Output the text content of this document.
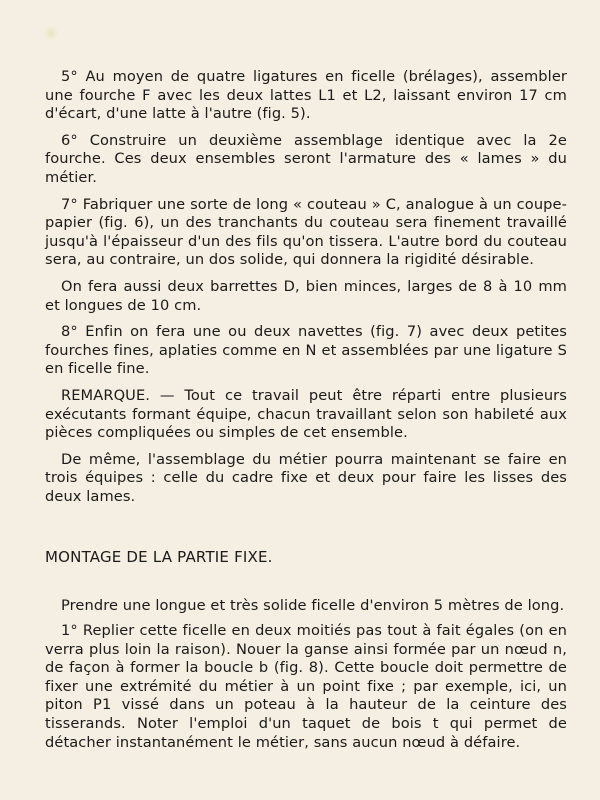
5° Au moyen de quatre ligatures en ficelle (brélages), assembler une fourche F avec les deux lattes L1 et L2, laissant environ 17 cm d'écart, d'une latte à l'autre (fig. 5).

6° Construire un deuxième assemblage identique avec la 2e fourche. Ces deux ensembles seront l'armature des « lames » du métier.

7° Fabriquer une sorte de long « couteau » C, analogue à un coupe-papier (fig. 6), un des tranchants du couteau sera finement travaillé jusqu'à l'épaisseur d'un des fils qu'on tissera. L'autre bord du couteau sera, au contraire, un dos solide, qui donnera la rigidité désirable.

On fera aussi deux barrettes D, bien minces, larges de 8 à 10 mm et longues de 10 cm.

8° Enfin on fera une ou deux navettes (fig. 7) avec deux petites fourches fines, aplaties comme en N et assemblées par une ligature S en ficelle fine.

REMARQUE. — Tout ce travail peut être réparti entre plusieurs exécutants formant équipe, chacun travaillant selon son habileté aux pièces compliquées ou simples de cet ensemble.

De même, l'assemblage du métier pourra maintenant se faire en trois équipes : celle du cadre fixe et deux pour faire les lisses des deux lames.

MONTAGE DE LA PARTIE FIXE.

Prendre une longue et très solide ficelle d'environ 5 mètres de long.

1° Replier cette ficelle en deux moitiés pas tout à fait égales (on en verra plus loin la raison). Nouer la ganse ainsi formée par un nœud n, de façon à former la boucle b (fig. 8). Cette boucle doit permettre de fixer une extrémité du métier à un point fixe ; par exemple, ici, un piton P1 vissé dans un poteau à la hauteur de la ceinture des tisserands. Noter l'emploi d'un taquet de bois t qui permet de détacher instantanément le métier, sans aucun nœud à défaire.
